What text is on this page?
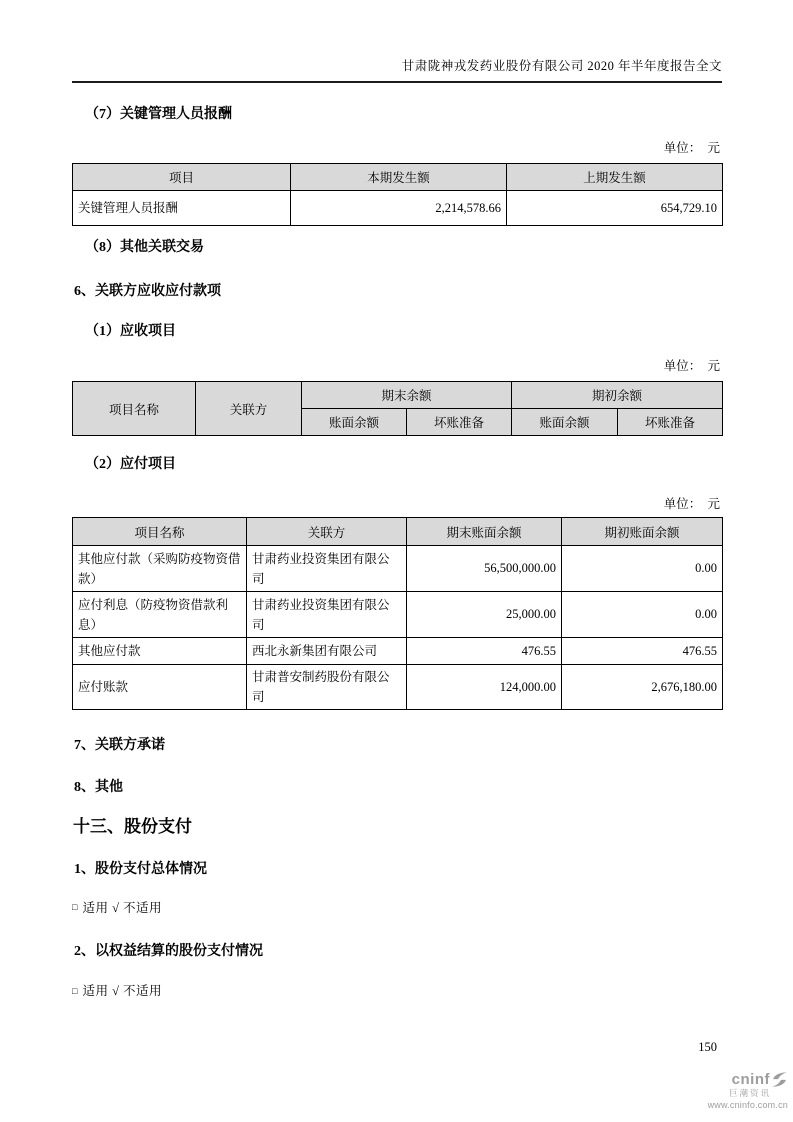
甘肃陇神戎发药业股份有限公司 2020 年半年度报告全文
（7）关键管理人员报酬
单位：　元
项目	本期发生额	上期发生额
关键管理人员报酬	2,214,578.66	654,729.10
（8）其他关联交易
6、关联方应收应付款项
（1）应收项目
单位：　元
项目名称	关联方	期末余额		期初余额	
		账面余额	坏账准备	账面余额	坏账准备
（2）应付项目
单位：　元
项目名称	关联方	期末账面余额	期初账面余额
其他应付款（采购防疫物资借款）	甘肃药业投资集团有限公司	56,500,000.00	0.00
应付利息（防疫物资借款利息）	甘肃药业投资集团有限公司	25,000.00	0.00
其他应付款	西北永新集团有限公司	476.55	476.55
应付账款	甘肃普安制药股份有限公司	124,000.00	2,676,180.00
7、关联方承诺
8、其他
十三、股份支付
1、股份支付总体情况
□ 适用 √ 不适用
2、以权益结算的股份支付情况
□ 适用 √ 不适用
150
cninf
巨潮资讯
www.cninfo.com.cn
